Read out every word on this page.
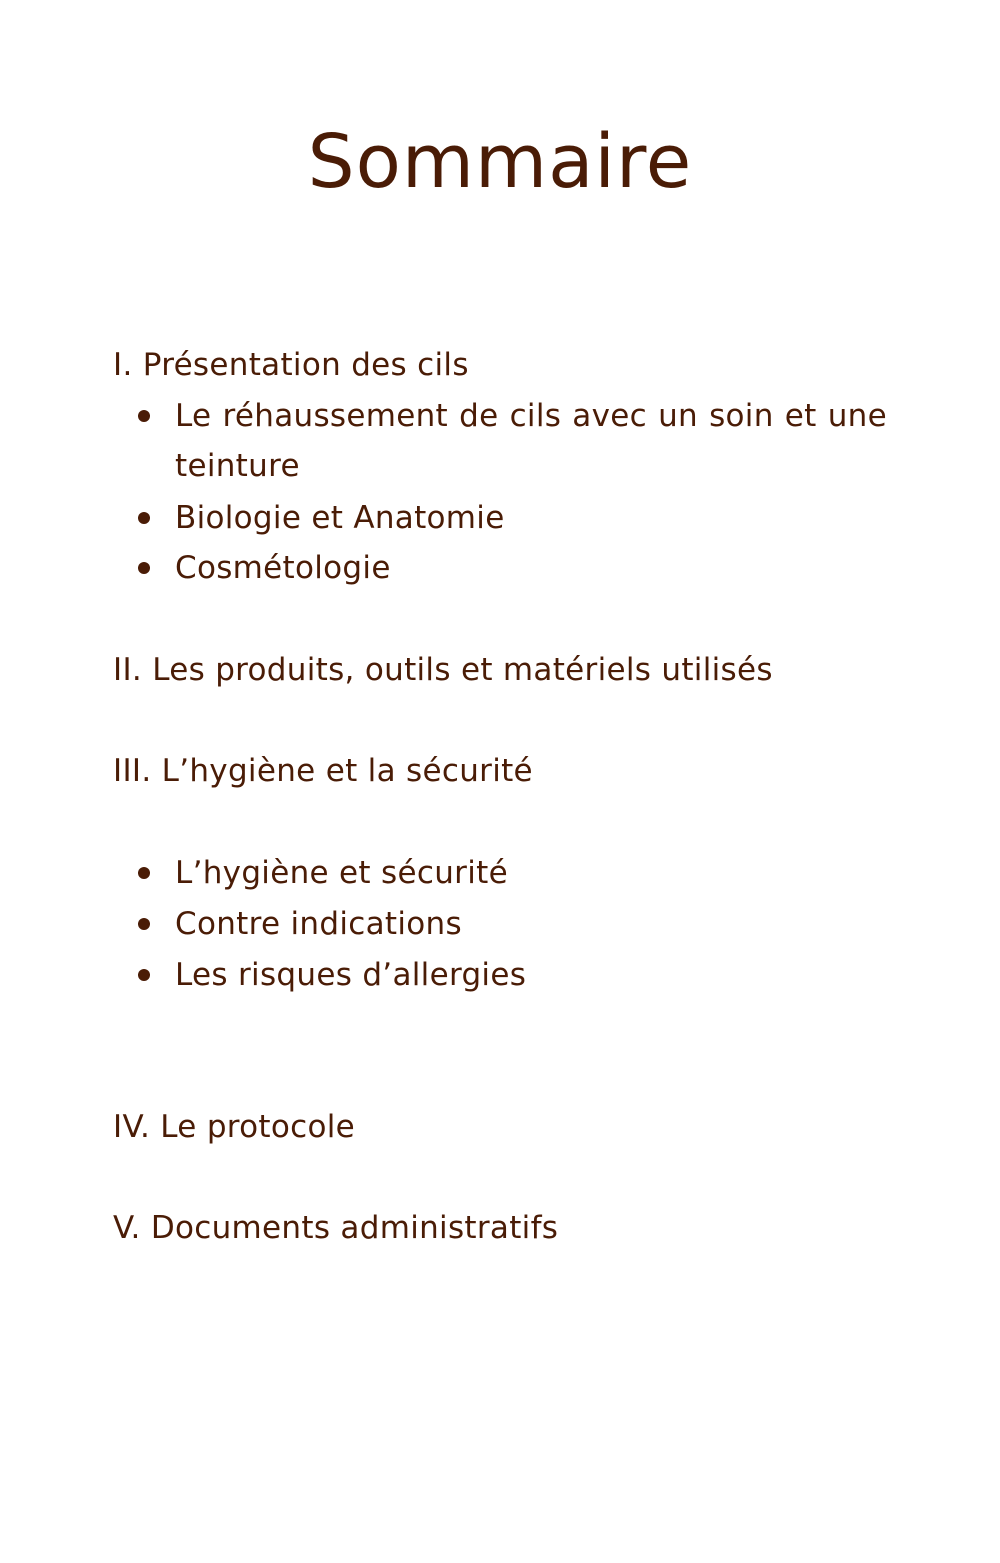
Sommaire
I. Présentation des cils
Le réhaussement de cils avec un soin et une teinture
Biologie et Anatomie
Cosmétologie
II. Les produits, outils et matériels utilisés
III. L’hygiène et la sécurité
L’hygiène et sécurité
Contre indications
Les risques d’allergies
IV. Le protocole
V. Documents administratifs
